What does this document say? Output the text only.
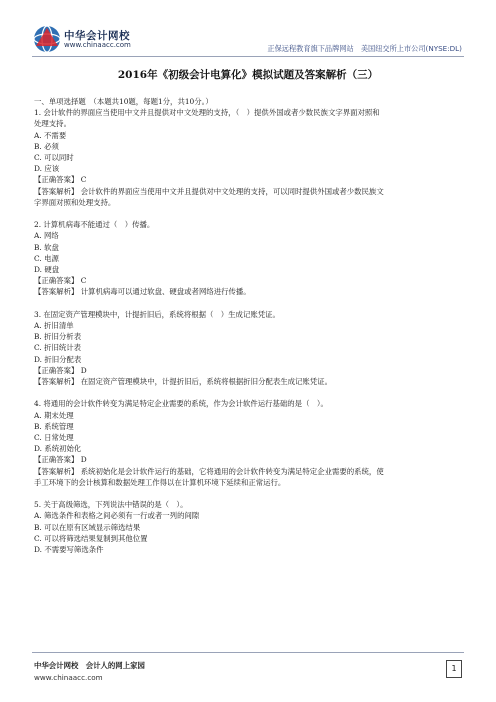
中华会计网校
www.chinaacc.com	正保远程教育旗下品牌网站　美国纽交所上市公司(NYSE:DL)
2016年《初级会计电算化》模拟试题及答案解析（三）

一、单项选择题　（本题共10题，每题1分，共10分。）

1. 会计软件的界面应当使用中文并且提供对中文处理的支持，（　）提供外国或者少数民族文字界面对照和

处理支持。

A. 不需要

B. 必须

C. 可以同时

D. 应该

【正确答案】 C

【答案解析】 会计软件的界面应当使用中文并且提供对中文处理的支持，可以同时提供外国或者少数民族文

字界面对照和处理支持。

2. 计算机病毒不能通过（　）传播。

A. 网络

B. 软盘

C. 电源

D. 硬盘

【正确答案】 C

【答案解析】 计算机病毒可以通过软盘、硬盘或者网络进行传播。

3. 在固定资产管理模块中，计提折旧后，系统将根据（　）生成记账凭证。

A. 折旧清单

B. 折旧分析表

C. 折旧统计表

D. 折旧分配表

【正确答案】 D

【答案解析】 在固定资产管理模块中，计提折旧后，系统将根据折旧分配表生成记账凭证。

4. 将通用的会计软件转变为满足特定企业需要的系统，作为会计软件运行基础的是（　）。

A. 期末处理

B. 系统管理

C. 日常处理

D. 系统初始化

【正确答案】 D

【答案解析】 系统初始化是会计软件运行的基础，它将通用的会计软件转变为满足特定企业需要的系统，使

手工环境下的会计核算和数据处理工作得以在计算机环境下延续和正常运行。

5. 关于高级筛选，下列说法中错误的是（　）。

A. 筛选条件和表格之间必须有一行或者一列的间隙

B. 可以在原有区域显示筛选结果

C. 可以将筛选结果复制到其他位置

D. 不需要写筛选条件

中华会计网校　会计人的网上家园
www.chinaacc.com
1
